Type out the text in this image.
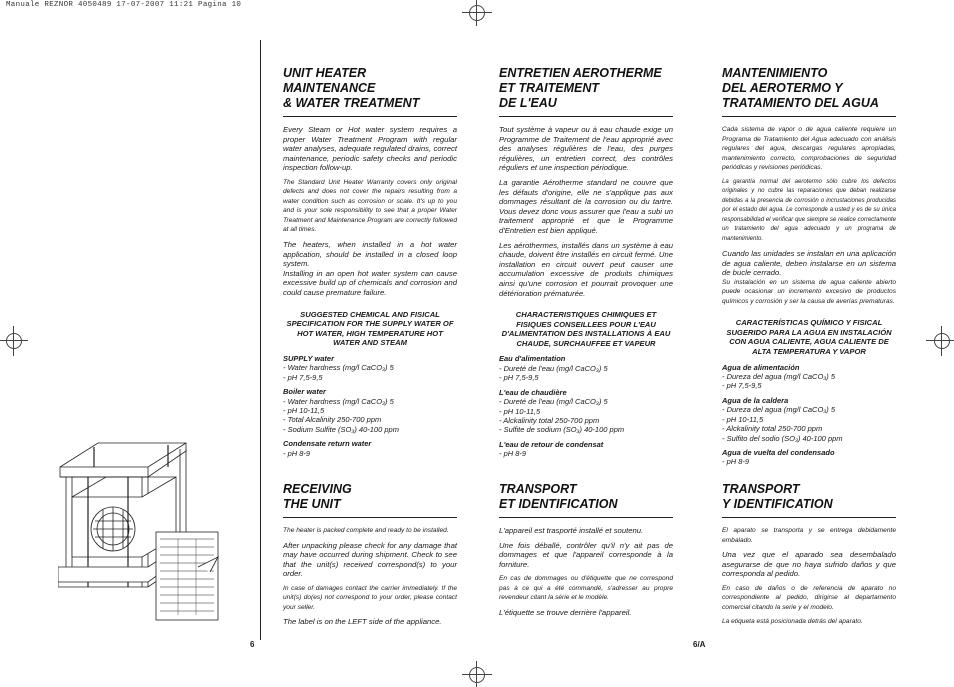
Manuale REZNOR 4050489 17-07-2007 11:21 Pagina 10
UNIT HEATER
MAINTENANCE
& WATER TREATMENT

Every Steam or Hot water system requires a proper Water Treatment Program with regular water analyses, adequate regulated drains, correct maintenance, periodic safety checks and periodic inspection follow-up.

The Standard Unit Heater Warranty covers only original defects and does not cover the repairs resulting from a water condition such as corrosion or scale. It's up to you and is your sole responsibility to see that a proper Water Treatment and Maintenance Program are correctly followed at all times.

The heaters, when installed in a hot water application, should be installed in a closed loop system.

Installing in an open hot water system can cause excessive build up of chemicals and corrosion and could cause premature failure.

SUGGESTED CHEMICAL AND FISICAL SPECIFICATION FOR THE SUPPLY WATER OF HOT WATER, HIGH TEMPERATURE HOT WATER AND STEAM
SUPPLY water
- Water hardness (mg/l CaCO₃) 5
- pH 7,5-9,5
Boiler water
- Water hardness (mg/l CaCO₃) 5
- pH 10-11,5
- Total Alcalinity 250-700 ppm
- Sodium Sulfite (SO₃) 40-100 ppm
Condensate return water
- pH 8-9
RECEIVING
THE UNIT

The heater is packed complete and ready to be installed.

After unpacking please check for any damage that may have occurred during shipment. Check to see that the unit(s) received correspond(s) to your order.

In case of damages contact the carrier immediately. If the unit(s) do(es) not correspond to your order, please contact your seller.

The label is on the LEFT side of the appliance.

ENTRETIEN AEROTHERME
ET TRAITEMENT
DE L'EAU

Tout système à vapeur ou à eau chaude exige un Programme de Traitement de l'eau approprié avec des analyses régulières de l'eau, des purges régulières, un entretien correct, des contrôles réguliers et une inspection périodique.

La garantie Aérotherme standard ne couvre que les défauts d'origine, elle ne s'applique pas aux dommages résultant de la corrosion ou du tartre. Vous devez donc vous assurer que l'eau a subi un traitement approprié et que le Programme d'Entretien est bien appliqué.

Les aérothermes, installés dans un système à eau chaude, doivent être installés en circuit fermé. Une installation en circuit ouvert peut causer une accumulation excessive de produits chimiques ainsi qu'une corrosion et pourrait provoquer une détérioration prématurée.

CHARACTERISTIQUES CHIMIQUES ET FISIQUES CONSEILLEES POUR L'EAU D'ALIMENTATION DES INSTALLATIONS À EAU CHAUDE, SURCHAUFFEE ET VAPEUR
Eau d'alimentation
- Dureté de l'eau (mg/l CaCO₃) 5
- pH 7,5-9,5
L'eau de chaudière
- Dureté de l'eau (mg/l CaCO₃) 5
- pH 10-11,5
- Alckalinity total 250-700 ppm
- Sulfite de sodium (SO₃) 40-100 ppm
L'eau de retour de condensat
- pH 8-9
TRANSPORT
ET IDENTIFICATION

L'appareil est trasporté installé et soutenu.

Une fois déballé, contrôler qu'il n'y ait pas de dommages et que l'appareil corresponde à la forniture.

En cas de dommages ou d'étiquette que ne correspond pas à ce qui a été commandé, s'adresser au propre revendeur citant la série et le modèle.

L'étiquette se trouve derrière l'appareil.

MANTENIMIENTO
DEL AEROTERMO Y
TRATAMIENTO DEL AGUA

Cada sistema de vapor o de agua caliente requiere un Programa de Tratamiento del Agua adecuado con análisis regulares del agua, descargas regulares apropiadas, mantenimiento correcto, comprobaciones de seguridad periódicas y revisiones periódicas.

La garantía normal del aerotermo sólo cubre los defectos originales y no cubre las reparaciones que deban realizarse debidas a la presencia de corrosión o incrustaciones producidas por el estado del agua. Le corresponde a usted y es de su única responsabilidad el verificar que siempre se realice correctamente un tratamiento del agua adecuado y un programa de mantenimiento.

Cuando las unidades se instalan en una aplicación de agua caliente, deben instalarse en un sistema de bucle cerrado.

Su instalación en un sistema de agua caliente abierto puede ocasionar un incremento excesivo de productos químicos y corrosión y ser la causa de averías prematuras.

CARACTERÍSTICAS QUÍMICO Y FISICAL SUGERIDO PARA LA AGUA EN INSTALACIÓN CON AGUA CALIENTE, AGUA CALIENTE DE ALTA TEMPERATURA Y VAPOR
Agua de alimentación
- Dureza del agua (mg/l CaCO₃) 5
- pH 7,5-9,5
Agua de la caldera
- Dureza del agua (mg/l CaCO₃) 5
- pH 10-11,5
- Alckalinity total 250-700 ppm
- Sulfito del sodio (SO₃) 40-100 ppm
Agua de vuelta del condensado
- pH 8-9
TRANSPORT
Y IDENTIFICATION

El aparato se transporta y se entrega debidamente embalado.

Una vez que el aparado sea desembalado asegurarse de que no haya sufrido daños y que corresponda al pedido.

En caso de daños o de referencia de aparato no correspondiente al pedido, dirigirse al departamento comercial citando la serie y el modelo.

La etiqueta está posicionada detrás del aparato.

6	6/A
